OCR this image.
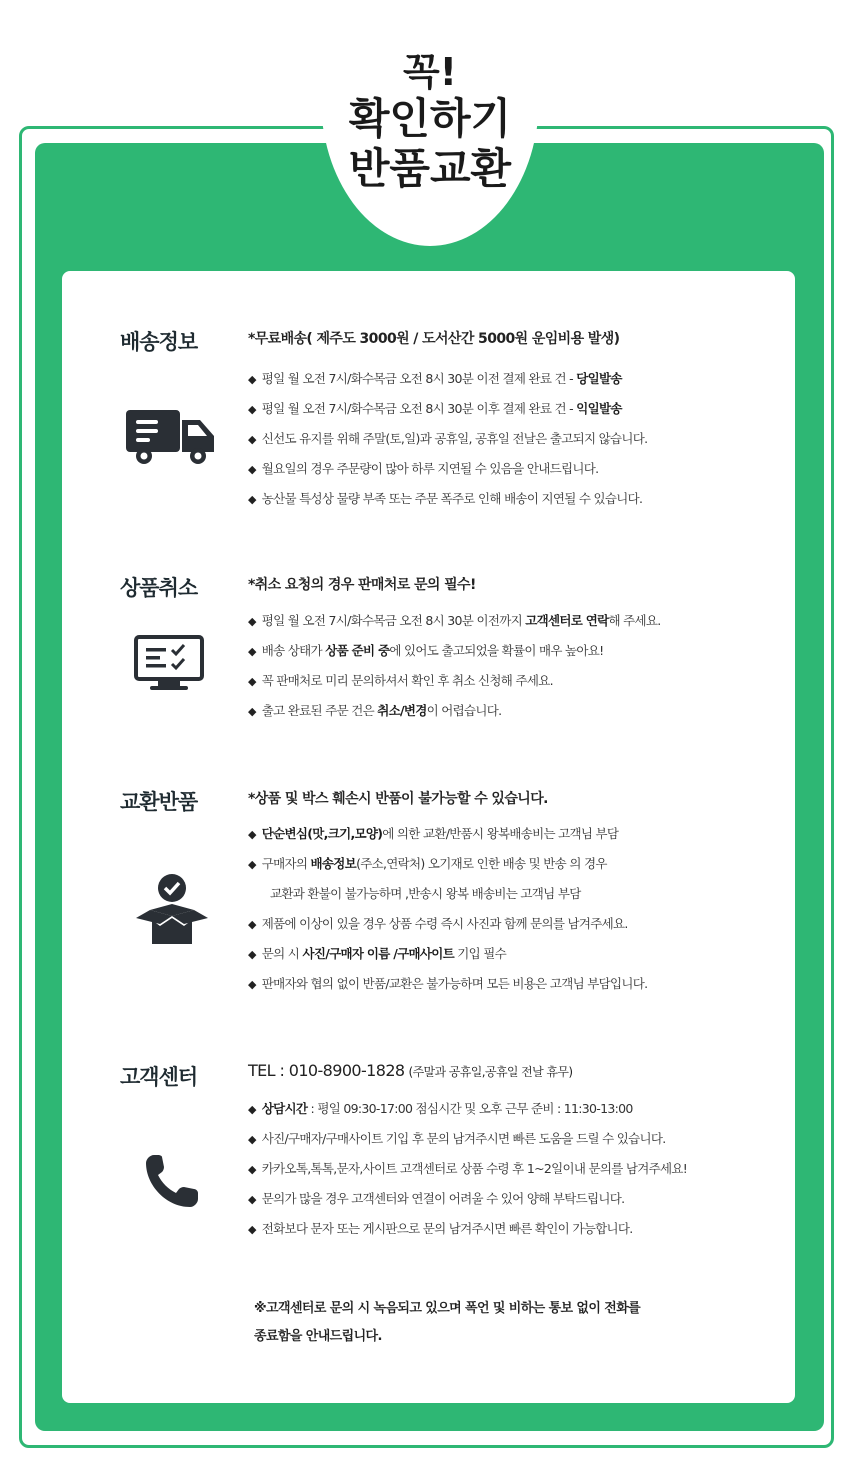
꼭!
확인하기
반품교환
배송정보	*무료배송( 제주도 3000원 / 도서산간 5000원 운임비용 발생)
◆ 평일 월 오전 7시/화수목금 오전 8시 30분 이전 결제 완료 건 - 당일발송
◆ 평일 월 오전 7시/화수목금 오전 8시 30분 이후 결제 완료 건 - 익일발송
◆ 신선도 유지를 위해 주말(토,일)과 공휴일, 공휴일 전날은 출고되지 않습니다.
◆ 월요일의 경우 주문량이 많아 하루 지연될 수 있음을 안내드립니다.
◆ 농산물 특성상 물량 부족 또는 주문 폭주로 인해 배송이 지연될 수 있습니다.
상품취소	*취소 요청의 경우 판매처로 문의 필수!
◆ 평일 월 오전 7시/화수목금 오전 8시 30분 이전까지 고객센터로 연락해 주세요.
◆ 배송 상태가 상품 준비 중에 있어도 출고되었을 확률이 매우 높아요!
◆ 꼭 판매처로 미리 문의하셔서 확인 후 취소 신청해 주세요.
◆ 출고 완료된 주문 건은 취소/변경이 어렵습니다.
교환반품	*상품 및 박스 훼손시 반품이 불가능할 수 있습니다.
◆ 단순변심(맛,크기,모양)에 의한 교환/반품시 왕복배송비는 고객님 부담
◆ 구매자의 배송정보(주소,연락처) 오기재로 인한 배송 및 반송 의 경우
교환과 환불이 불가능하며 ,반송시 왕복 배송비는 고객님 부담
◆ 제품에 이상이 있을 경우 상품 수령 즉시 사진과 함께 문의를 남겨주세요.
◆ 문의 시 사진/구매자 이름 /구매사이트 기입 필수
◆ 판매자와 협의 없이 반품/교환은 불가능하며 모든 비용은 고객님 부담입니다.
고객센터	TEL : 010-8900-1828 (주말과 공휴일,공휴일 전날 휴무)
◆ 상담시간 : 평일 09:30-17:00 점심시간 및 오후 근무 준비 : 11:30-13:00
◆ 사진/구매자/구매사이트 기입 후 문의 남겨주시면 빠른 도움을 드릴 수 있습니다.
◆ 카카오톡,톡톡,문자,사이트 고객센터로 상품 수령 후 1~2일이내 문의를 남겨주세요!
◆ 문의가 많을 경우 고객센터와 연결이 어려울 수 있어 양해 부탁드립니다.
◆ 전화보다 문자 또는 게시판으로 문의 남겨주시면 빠른 확인이 가능합니다.
※고객센터로 문의 시 녹음되고 있으며 폭언 및 비하는 통보 없이 전화를
종료함을 안내드립니다.
